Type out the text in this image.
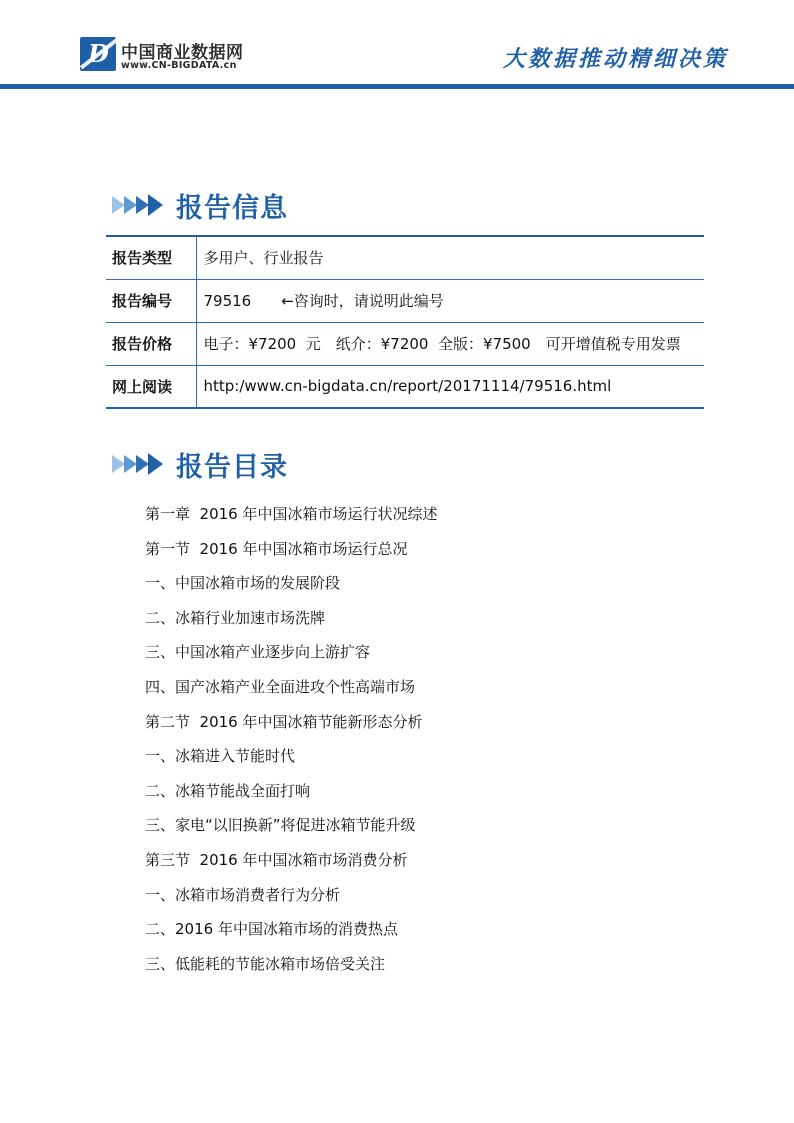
D 中国商业数据网
www.CN-BIGDATA.cn	大数据推动精细决策
报告信息
报告类型	多用户、行业报告
报告编号	79516　　←咨询时，请说明此编号
报告价格	电子：¥7200  元　纸介：¥7200  全版：¥7500　可开增值税专用发票
网上阅读	http:/www.cn-bigdata.cn/report/20171114/79516.html
报告目录
第一章  2016 年中国冰箱市场运行状况综述
第一节  2016 年中国冰箱市场运行总况
一、中国冰箱市场的发展阶段
二、冰箱行业加速市场洗牌
三、中国冰箱产业逐步向上游扩容
四、国产冰箱产业全面进攻个性高端市场
第二节  2016 年中国冰箱节能新形态分析
一、冰箱进入节能时代
二、冰箱节能战全面打响
三、家电“以旧换新”将促进冰箱节能升级
第三节  2016 年中国冰箱市场消费分析
一、冰箱市场消费者行为分析
二、2016 年中国冰箱市场的消费热点
三、低能耗的节能冰箱市场倍受关注
